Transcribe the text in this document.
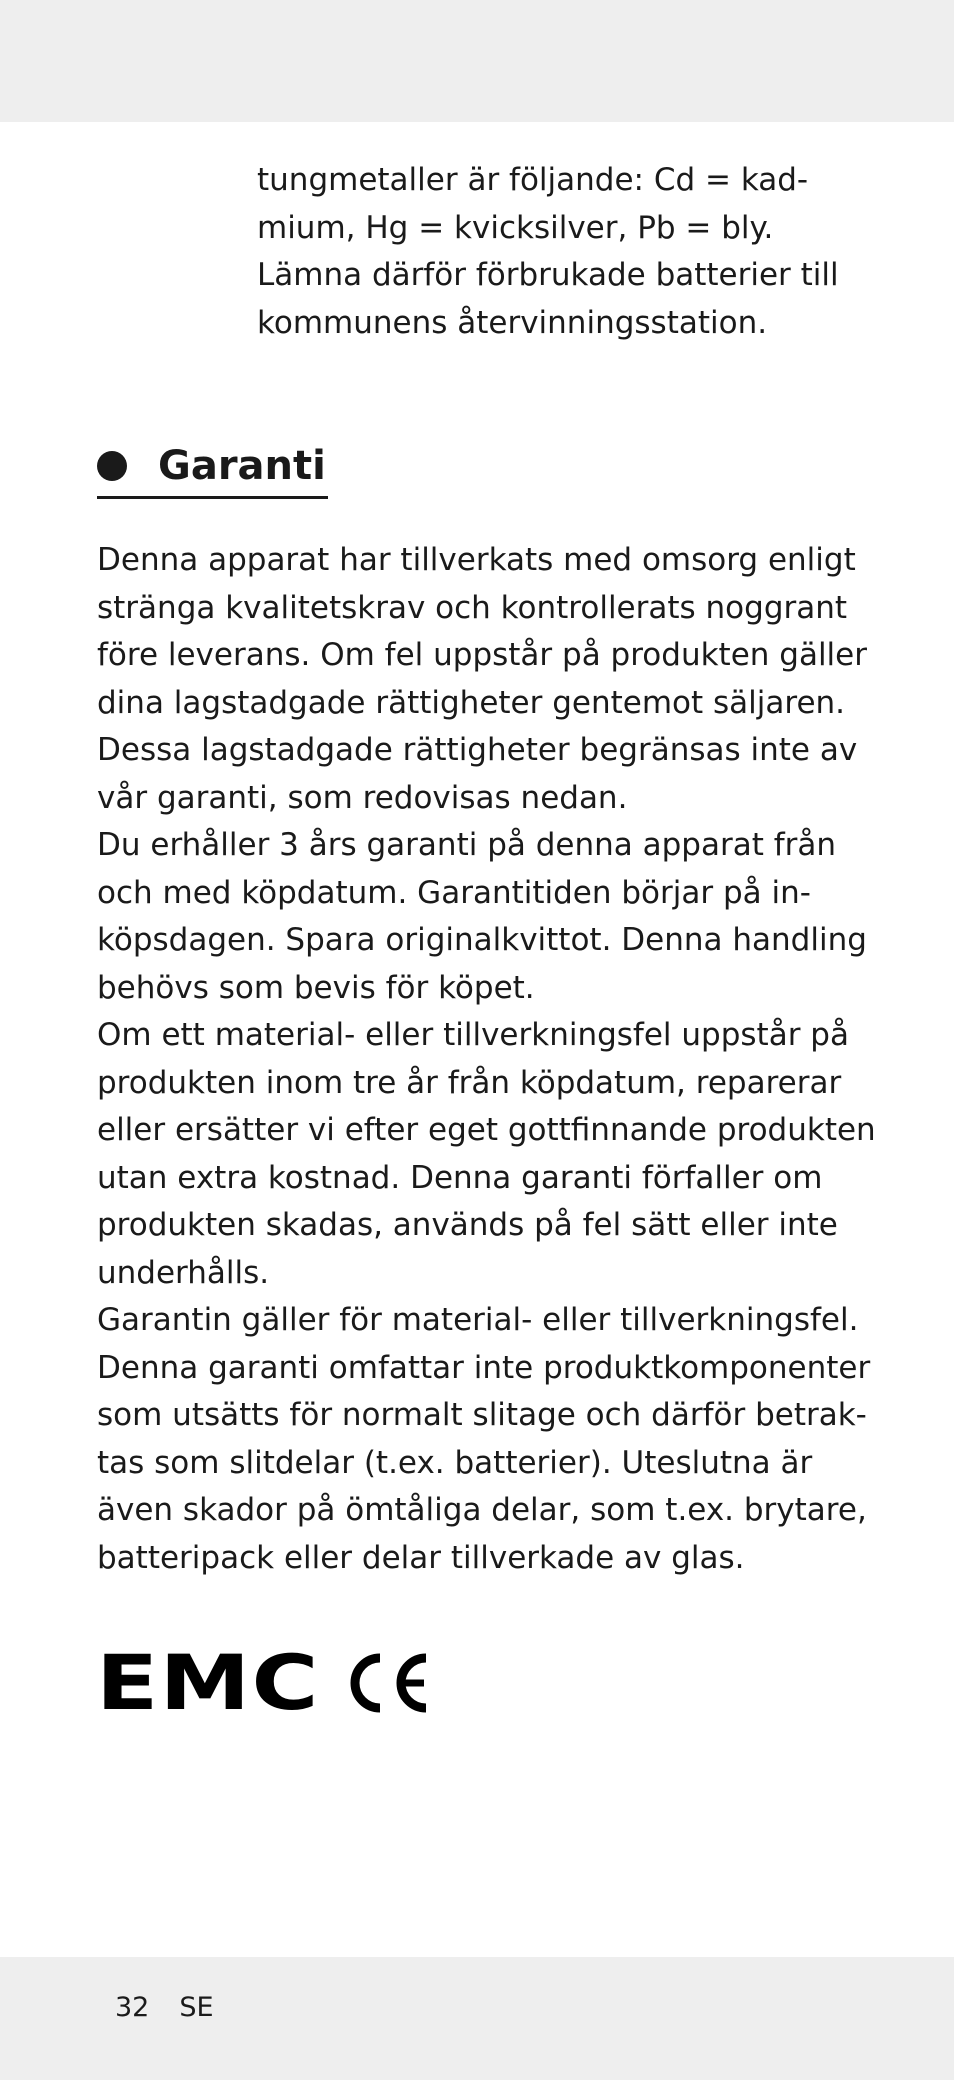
tungmetaller är följande: Cd = kad-
mium, Hg = kvicksilver, Pb = bly.
Lämna därför förbrukade batterier till
kommunens återvinningsstation.
Garanti
Denna apparat har tillverkats med omsorg enligt
stränga kvalitetskrav och kontrollerats noggrant
före leverans. Om fel uppstår på produkten gäller
dina lagstadgade rättigheter gentemot säljaren.
Dessa lagstadgade rättigheter begränsas inte av
vår garanti, som redovisas nedan.
Du erhåller 3 års garanti på denna apparat från
och med köpdatum. Garantitiden börjar på in-
köpsdagen. Spara originalkvittot. Denna handling
behövs som bevis för köpet.
Om ett material- eller tillverkningsfel uppstår på
produkten inom tre år från köpdatum, reparerar
eller ersätter vi efter eget gottfinnande produkten
utan extra kostnad. Denna garanti förfaller om
produkten skadas, används på fel sätt eller inte
underhålls.
Garantin gäller för material- eller tillverkningsfel.
Denna garanti omfattar inte produktkomponenter
som utsätts för normalt slitage och därför betrak-
tas som slitdelar (t.ex. batterier). Uteslutna är
även skador på ömtåliga delar, som t.ex. brytare,
batteripack eller delar tillverkade av glas.
EMC
32 SE
